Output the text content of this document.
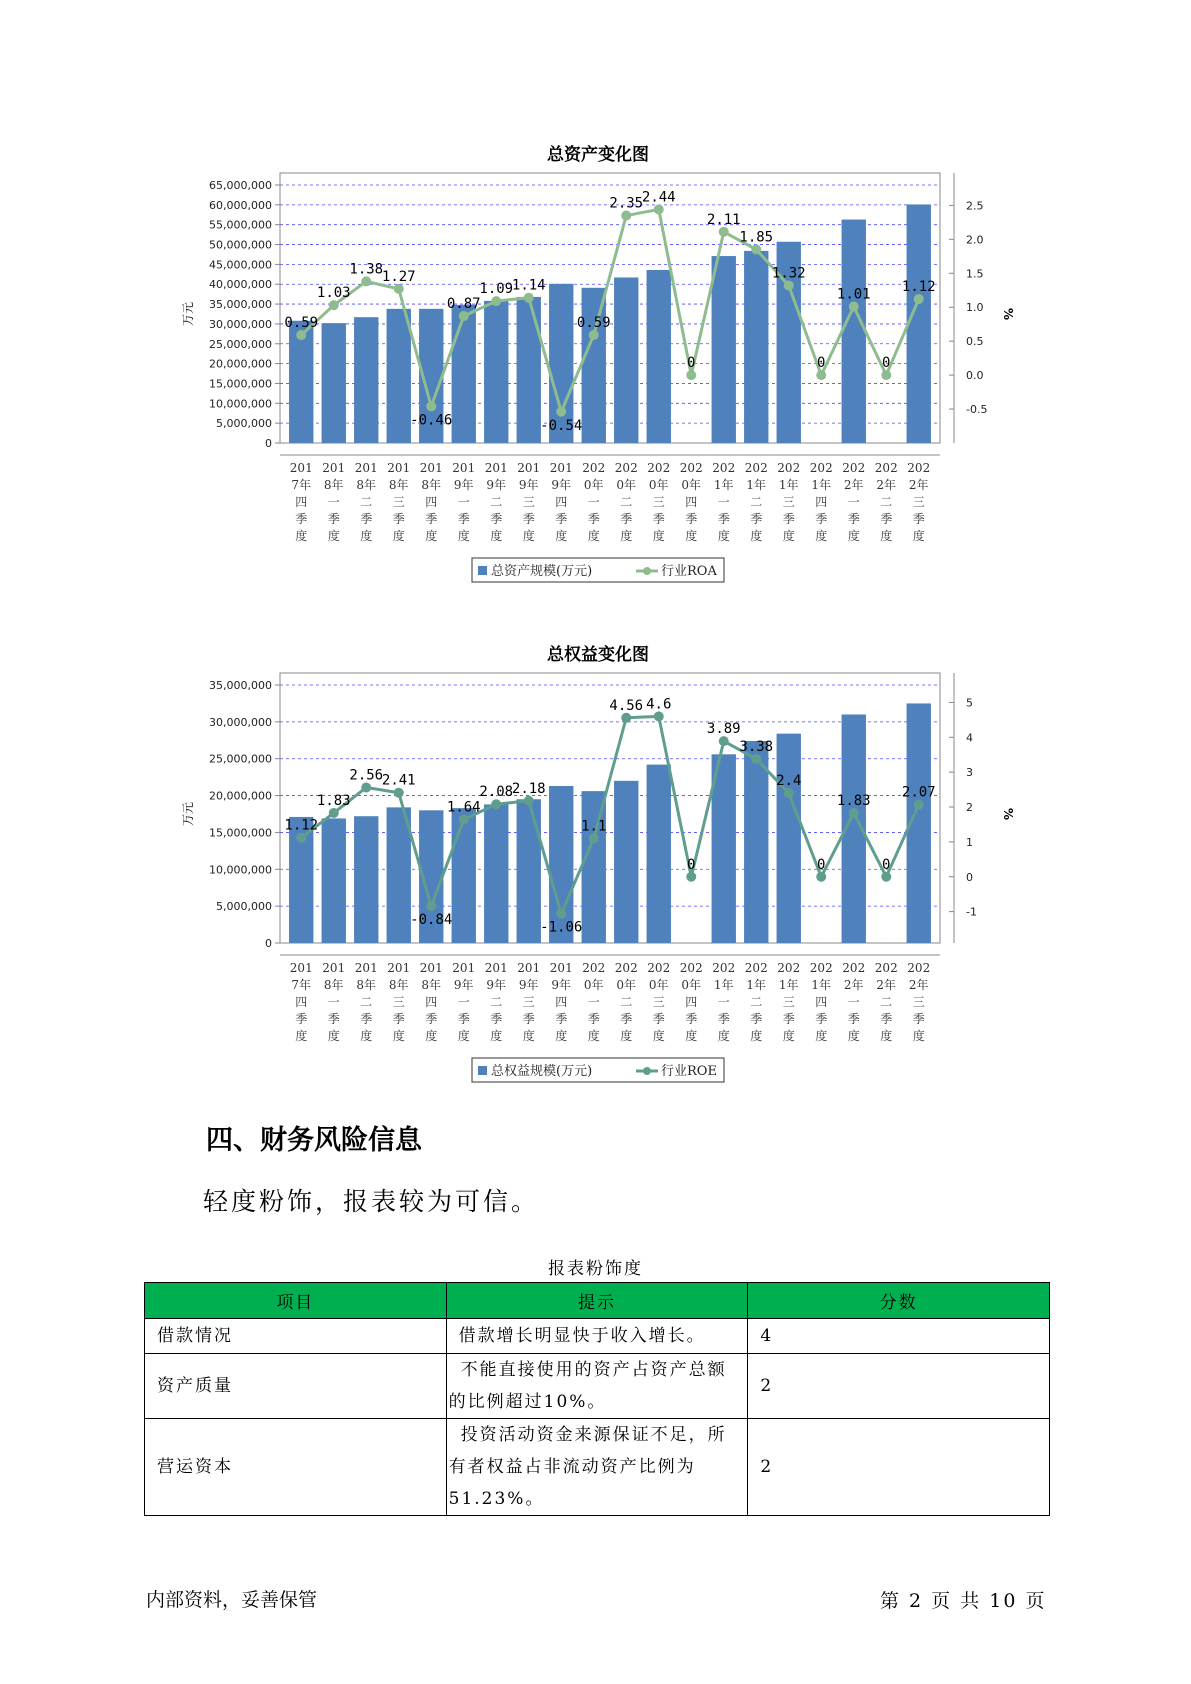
总资产变化图
0
5,000,000
10,000,000
15,000,000
20,000,000
25,000,000
30,000,000
35,000,000
40,000,000
45,000,000
50,000,000
55,000,000
60,000,000
65,000,000
-0.5
0.0
0.5
1.0
1.5
2.0
2.5
万元	%
0.59
1.03
1.38
1.27
-0.46
0.87
1.09
1.14
-0.54
0.59
2.35
2.44
0
2.11
1.85
1.32
0
1.01
0
1.12
201 7年四季度
201 8年一季度
201 8年二季度
201 8年三季度
201 8年四季度
201 9年一季度
201 9年二季度
201 9年三季度
201 9年四季度
202 0年一季度
202 0年二季度
202 0年三季度
202 0年四季度
202 1年一季度
202 1年二季度
202 1年三季度
202 1年四季度
202 2年一季度
202 2年二季度
202 2年三季度
总资产规模(万元)	行业ROA
总权益变化图
0
5,000,000
10,000,000
15,000,000
20,000,000
25,000,000
30,000,000
35,000,000
-1
0
1
2
3
4
5
万元	%
1.12
1.83
2.56
2.41
-0.84
1.64
2.08
2.18
-1.06
1.1
4.56 4.6
0
3.89
3.38
2.4
0
1.83
0
2.07
201 7年四季度
201 8年一季度
201 8年二季度
201 8年三季度
201 8年四季度
201 9年一季度
201 9年二季度
201 9年三季度
201 9年四季度
202 0年一季度
202 0年二季度
202 0年三季度
202 0年四季度
202 1年一季度
202 1年二季度
202 1年三季度
202 1年四季度
202 2年一季度
202 2年二季度
202 2年三季度
总权益规模(万元)	行业ROE
四、财务风险信息

轻度粉饰，报表较为可信。

报表粉饰度
项目	提示	分数
借款情况	借款增长明显快于收入增长。	4
资产质量	不能直接使用的资产占资产总额的比例超过10%。	2
营运资本	投资活动资金来源保证不足，所有者权益占非流动资产比例为51.23%。	2
内部资料，妥善保管	第 2 页 共 10 页
